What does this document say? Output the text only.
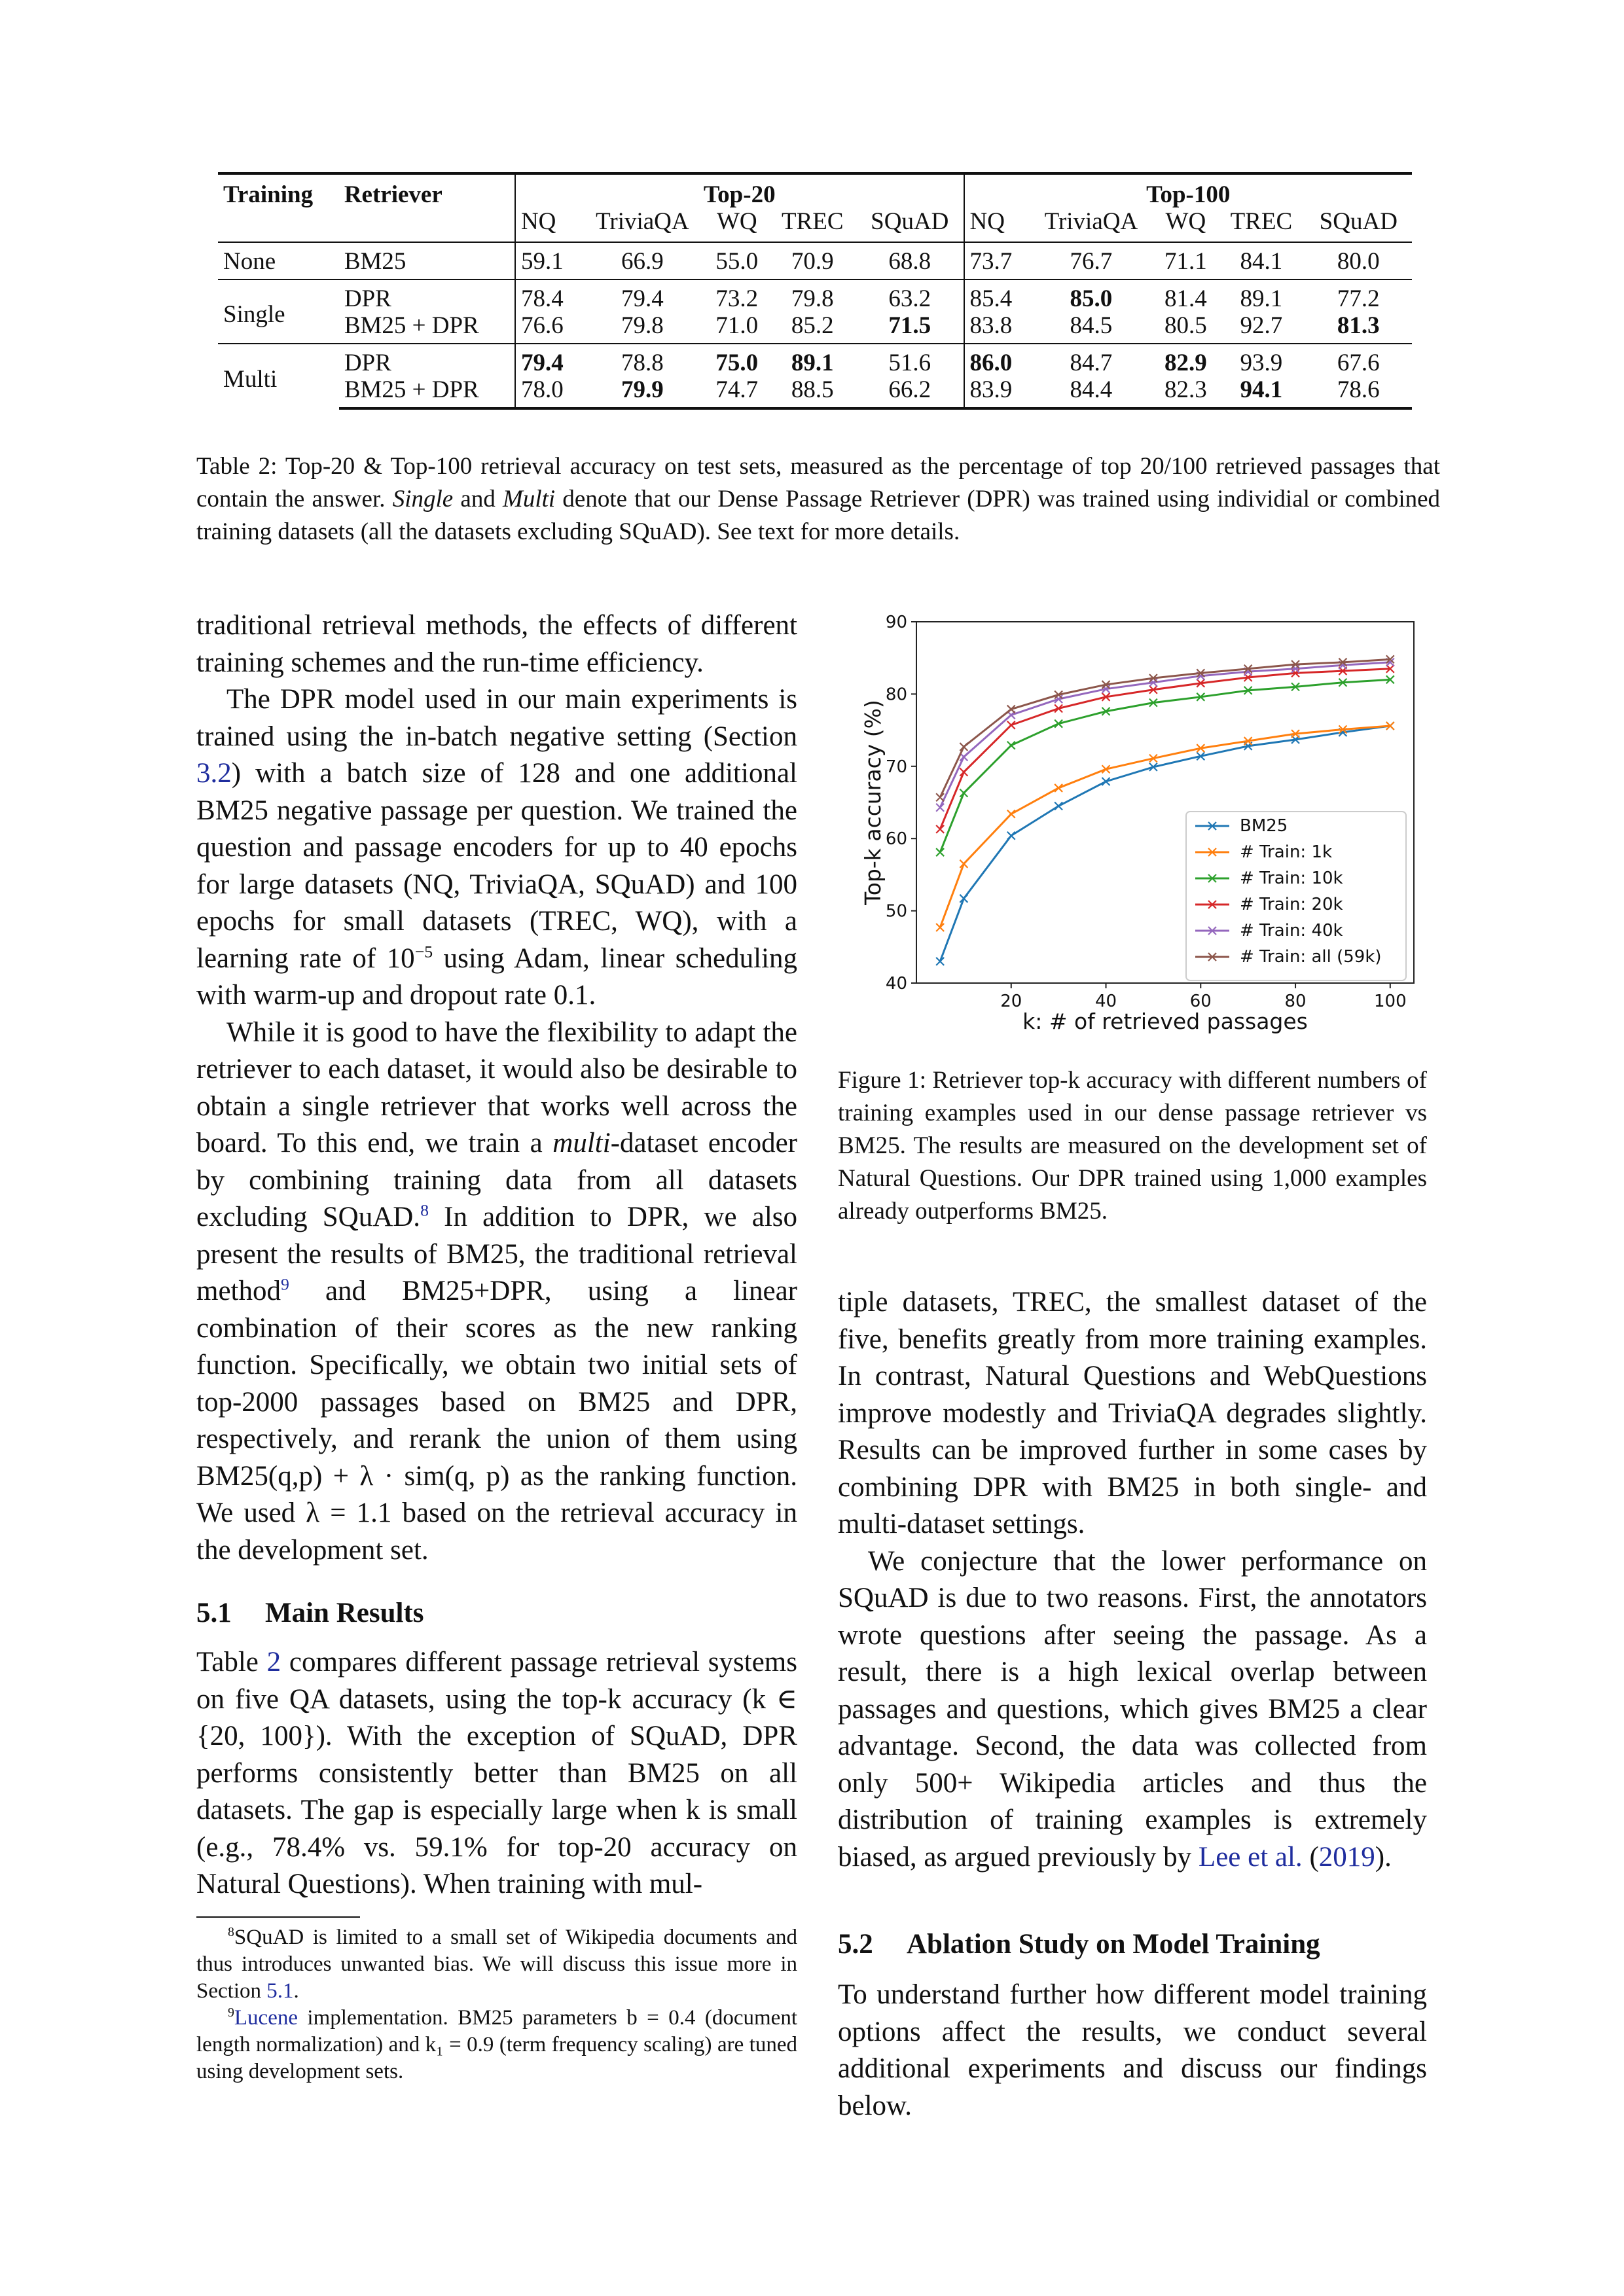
Training	Retriever	Top-20					Top-100				
		NQ	TriviaQA	WQ	TREC	SQuAD	NQ	TriviaQA	WQ	TREC	SQuAD
None	BM25	59.1	66.9	55.0	70.9	68.8	73.7	76.7	71.1	84.1	80.0
Single	DPR	78.4	79.4	73.2	79.8	63.2	85.4	85.0	81.4	89.1	77.2
	BM25 + DPR	76.6	79.8	71.0	85.2	71.5	83.8	84.5	80.5	92.7	81.3
Multi	DPR	79.4	78.8	75.0	89.1	51.6	86.0	84.7	82.9	93.9	67.6
	BM25 + DPR	78.0	79.9	74.7	88.5	66.2	83.9	84.4	82.3	94.1	78.6
Table 2: Top-20 & Top-100 retrieval accuracy on test sets, measured as the percentage of top 20/100 retrieved passages that contain the answer. Single and Multi denote that our Dense Passage Retriever (DPR) was trained using individial or combined training datasets (all the datasets excluding SQuAD). See text for more details.

traditional retrieval methods, the effects of different training schemes and the run-time efficiency.

The DPR model used in our main experiments is trained using the in-batch negative setting (Section 3.2) with a batch size of 128 and one additional BM25 negative passage per question. We trained the question and passage encoders for up to 40 epochs for large datasets (NQ, TriviaQA, SQuAD) and 100 epochs for small datasets (TREC, WQ), with a learning rate of $10^{-5}$ using Adam, linear scheduling with warm-up and dropout rate 0.1.

While it is good to have the flexibility to adapt the retriever to each dataset, it would also be desirable to obtain a single retriever that works well across the board. To this end, we train a multi-dataset encoder by combining training data from all datasets excluding SQuAD.$^8$ In addition to DPR, we also present the results of BM25, the traditional retrieval method$^9$ and BM25+DPR, using a linear combination of their scores as the new ranking function. Specifically, we obtain two initial sets of top-2000 passages based on BM25 and DPR, respectively, and rerank the union of them using BM25(q,p) + λ · sim(q, p) as the ranking function. We used λ = 1.1 based on the retrieval accuracy in the development set.

5.1 Main Results

Table 2 compares different passage retrieval systems on five QA datasets, using the top-k accuracy (k ∈ {20, 100}). With the exception of SQuAD, DPR performs consistently better than BM25 on all datasets. The gap is especially large when k is small (e.g., 78.4% vs. 59.1% for top-20 accuracy on Natural Questions). When training with mul-

$^8$SQuAD is limited to a small set of Wikipedia documents and thus introduces unwanted bias. We will discuss this issue more in Section 5.1.

$^9$Lucene implementation. BM25 parameters b = 0.4 (document length normalization) and k₁ = 0.9 (term frequency scaling) are tuned using development sets.

20	40	60	80	100
40
50
60
70
80
90
k: # of retrieved passages
Top-k accuracy (%)	BM25
# Train: 1k
# Train: 10k
# Train: 20k
# Train: 40k
# Train: all (59k)
Figure 1: Retriever top-k accuracy with different numbers of training examples used in our dense passage retriever vs BM25. The results are measured on the development set of Natural Questions. Our DPR trained using 1,000 examples already outperforms BM25.

tiple datasets, TREC, the smallest dataset of the five, benefits greatly from more training examples. In contrast, Natural Questions and WebQuestions improve modestly and TriviaQA degrades slightly. Results can be improved further in some cases by combining DPR with BM25 in both single- and multi-dataset settings.

We conjecture that the lower performance on SQuAD is due to two reasons. First, the annotators wrote questions after seeing the passage. As a result, there is a high lexical overlap between passages and questions, which gives BM25 a clear advantage. Second, the data was collected from only 500+ Wikipedia articles and thus the distribution of training examples is extremely biased, as argued previously by Lee et al. (2019).

5.2 Ablation Study on Model Training

To understand further how different model training options affect the results, we conduct several additional experiments and discuss our findings below.
